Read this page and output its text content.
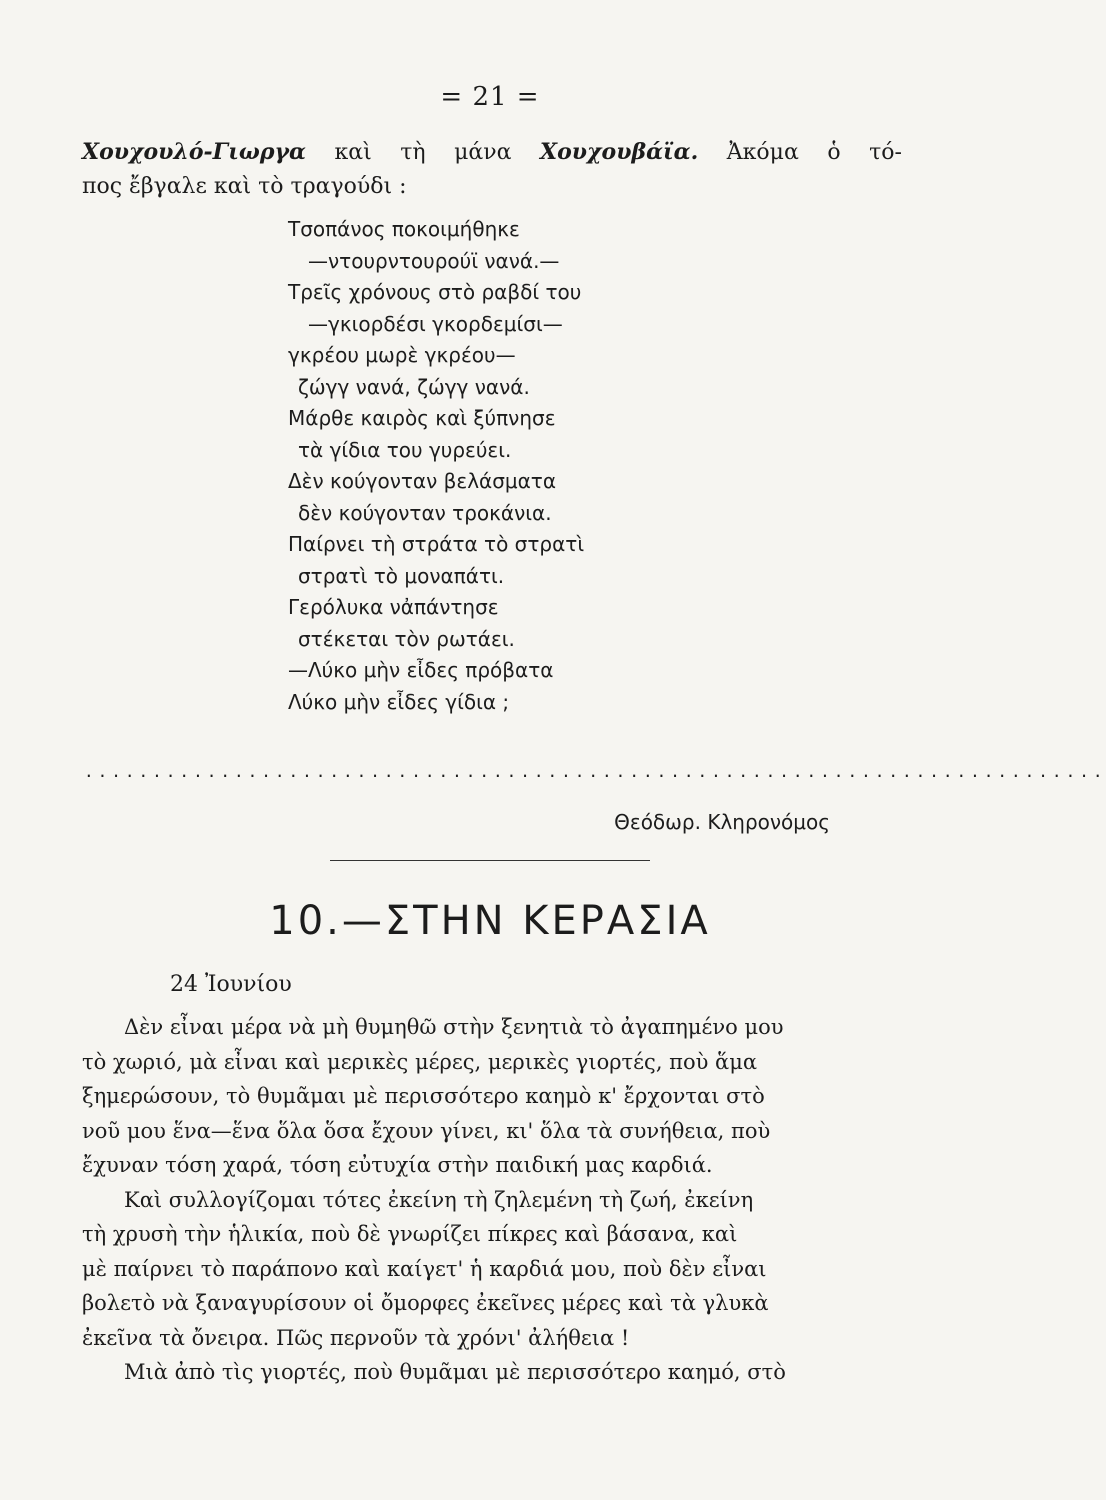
= 21 =
Χουχουλό-Γιωργα καὶ τὴ μάνα Χουχουβάϊα. Ἀκόμα ὁ τό-
πος ἔβγαλε καὶ τὸ τραγούδι :
Τσοπάνος ποκοιμήθηκε
—ντουρντουρούϊ νανά.—
Τρεῖς χρόνους στὸ ραβδί του
—γκιορδέσι γκορδεμίσι—
γκρέου μωρὲ γκρέου—
ζώγγ νανά, ζώγγ νανά.
Μάρθε καιρὸς καὶ ξύπνησε
τὰ γίδια του γυρεύει.
Δὲν κούγονταν βελάσματα
δὲν κούγονταν τροκάνια.
Παίρνει τὴ στράτα τὸ στρατὶ
στρατὶ τὸ μοναπάτι.
Γερόλυκα νἀπάντησε
στέκεται τὸν ρωτάει.
—Λύκο μὴν εἶδες πρόβατα
Λύκο μὴν εἶδες γίδια ;
...........................................................................
Θεόδωρ. Κληρονόμος
10.—ΣΤΗΝ ΚΕΡΑΣΙΑ
24 Ἰουνίου
Δὲν εἶναι μέρα νὰ μὴ θυμηθῶ στὴν ξενητιὰ τὸ ἀγαπημένο μου
τὸ χωριό, μὰ εἶναι καὶ μερικὲς μέρες, μερικὲς γιορτές, ποὺ ἅμα
ξημερώσουν, τὸ θυμᾶμαι μὲ περισσότερο καημὸ κ' ἔρχονται στὸ
νοῦ μου ἕνα—ἕνα ὅλα ὅσα ἔχουν γίνει, κι' ὅλα τὰ συνήθεια, ποὺ
ἔχυναν τόση χαρά, τόση εὐτυχία στὴν παιδική μας καρδιά.
Καὶ συλλογίζομαι τότες ἐκείνη τὴ ζηλεμένη τὴ ζωή, ἐκείνη
τὴ χρυσὴ τὴν ἡλικία, ποὺ δὲ γνωρίζει πίκρες καὶ βάσανα, καὶ
μὲ παίρνει τὸ παράπονο καὶ καίγετ' ἡ καρδιά μου, ποὺ δὲν εἶναι
βολετὸ νὰ ξαναγυρίσουν οἱ ὄμορφες ἐκεῖνες μέρες καὶ τὰ γλυκὰ
ἐκεῖνα τὰ ὄνειρα. Πῶς περνοῦν τὰ χρόνι' ἀλήθεια !
Μιὰ ἀπὸ τὶς γιορτές, ποὺ θυμᾶμαι μὲ περισσότερο καημό, στὸ
